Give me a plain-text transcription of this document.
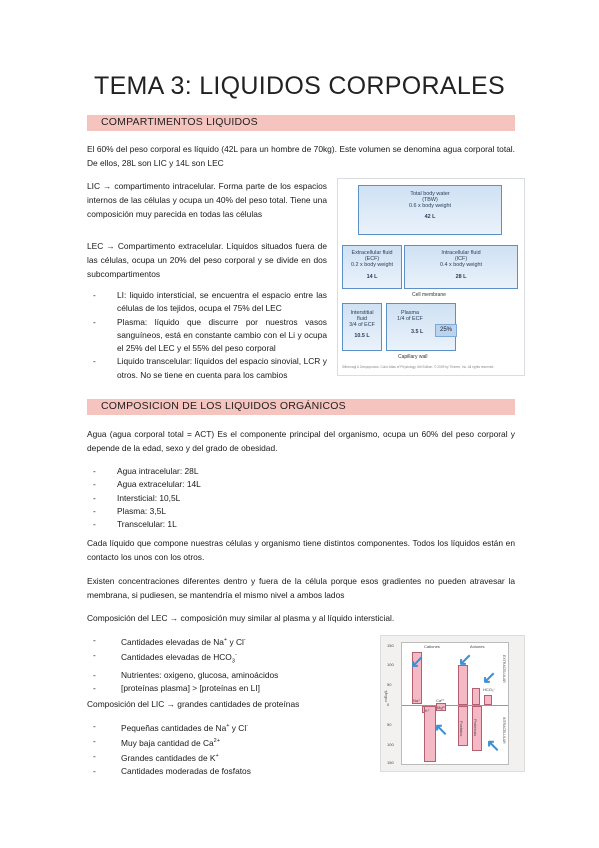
TEMA 3: LIQUIDOS CORPORALES
COMPARTIMENTOS LIQUIDOS
El 60% del peso corporal es líquido (42L para un hombre de 70kg). Este volumen se denomina agua corporal total. De ellos, 28L son LIC y 14L son LEC
LIC → compartimento intracelular. Forma parte de los espacios internos de las células y ocupa un 40% del peso total. Tiene una composición muy parecida en todas las células
LEC → Compartimento extracelular. Líquidos situados fuera de las células, ocupa un 20% del peso corporal y se divide en dos subcompartimentos
- LI: liquido intersticial, se encuentra el espacio entre las células de los tejidos, ocupa el 75% del LEC
- Plasma: líquido que discurre por nuestros vasos sanguíneos, está en constante cambio con el Li y ocupa el 25% del LEC y el 55% del peso corporal
- Liquido transcelular: líquidos del espacio sinovial, LCR y otros. No se tiene en cuenta para los cambios
Total body water
(TBW)
0.6 x body weight
42 L
Extracellular fluid
(ECF)
0.2 x body weight
14 L
Intracellular fluid
(ICF)
0.4 x body weight
28 L
Cell membrane
Interstitial
fluid
3/4 of ECF
10.5 L
Plasma
1/4 of ECF
3.5 L	25%
Capillary wall
Silbernagl & Despopoulos. Color Atlas of Physiology, 6th Edition. © 2009 by Thieme, Inc. All rights reserved.
COMPOSICION DE LOS LIQUIDOS ORGÁNICOS
Agua (agua corporal total = ACT) Es el componente principal del organismo, ocupa un 60% del peso corporal y depende de la edad, sexo y del grado de obesidad.
- Agua intracelular: 28L
- Agua extracelular: 14L
- Intersticial: 10,5L
- Plasma: 3,5L
- Transcelular: 1L
Cada líquido que compone nuestras células y organismo tiene distintos componentes. Todos los líquidos están en contacto los unos con los otros.
Existen concentraciones diferentes dentro y fuera de la célula porque esos gradientes no pueden atravesar la membrana, si pudiesen, se mantendría el mismo nivel a ambos lados
Composición del LEC → composición muy similar al plasma y al líquido intersticial.
- Cantidades elevadas de Na+ y Cl-
- Cantidades elevadas de $HCO_3^-$
- Nutrientes: oxigeno, glucosa, aminoácidos
- [proteínas plasma] > [proteínas en LI]
Composición del LIC → grandes cantidades de proteínas
- Pequeñas cantidades de Na+ y Cl-
- Muy baja cantidad de $Ca^{2+}$
- Grandes cantidades de K+
- Cantidades moderadas de fosfatos
Cationes	Aniones
Na⁺	Ca²⁺
K⁺
Mg²⁺
Fosfatos Proteínas
HCO₃⁻
↙ ↙
↙
↖
↖
EXTRACELULAR
INTRACELULAR
mEq/L
150
100
50
0
50
100
150
